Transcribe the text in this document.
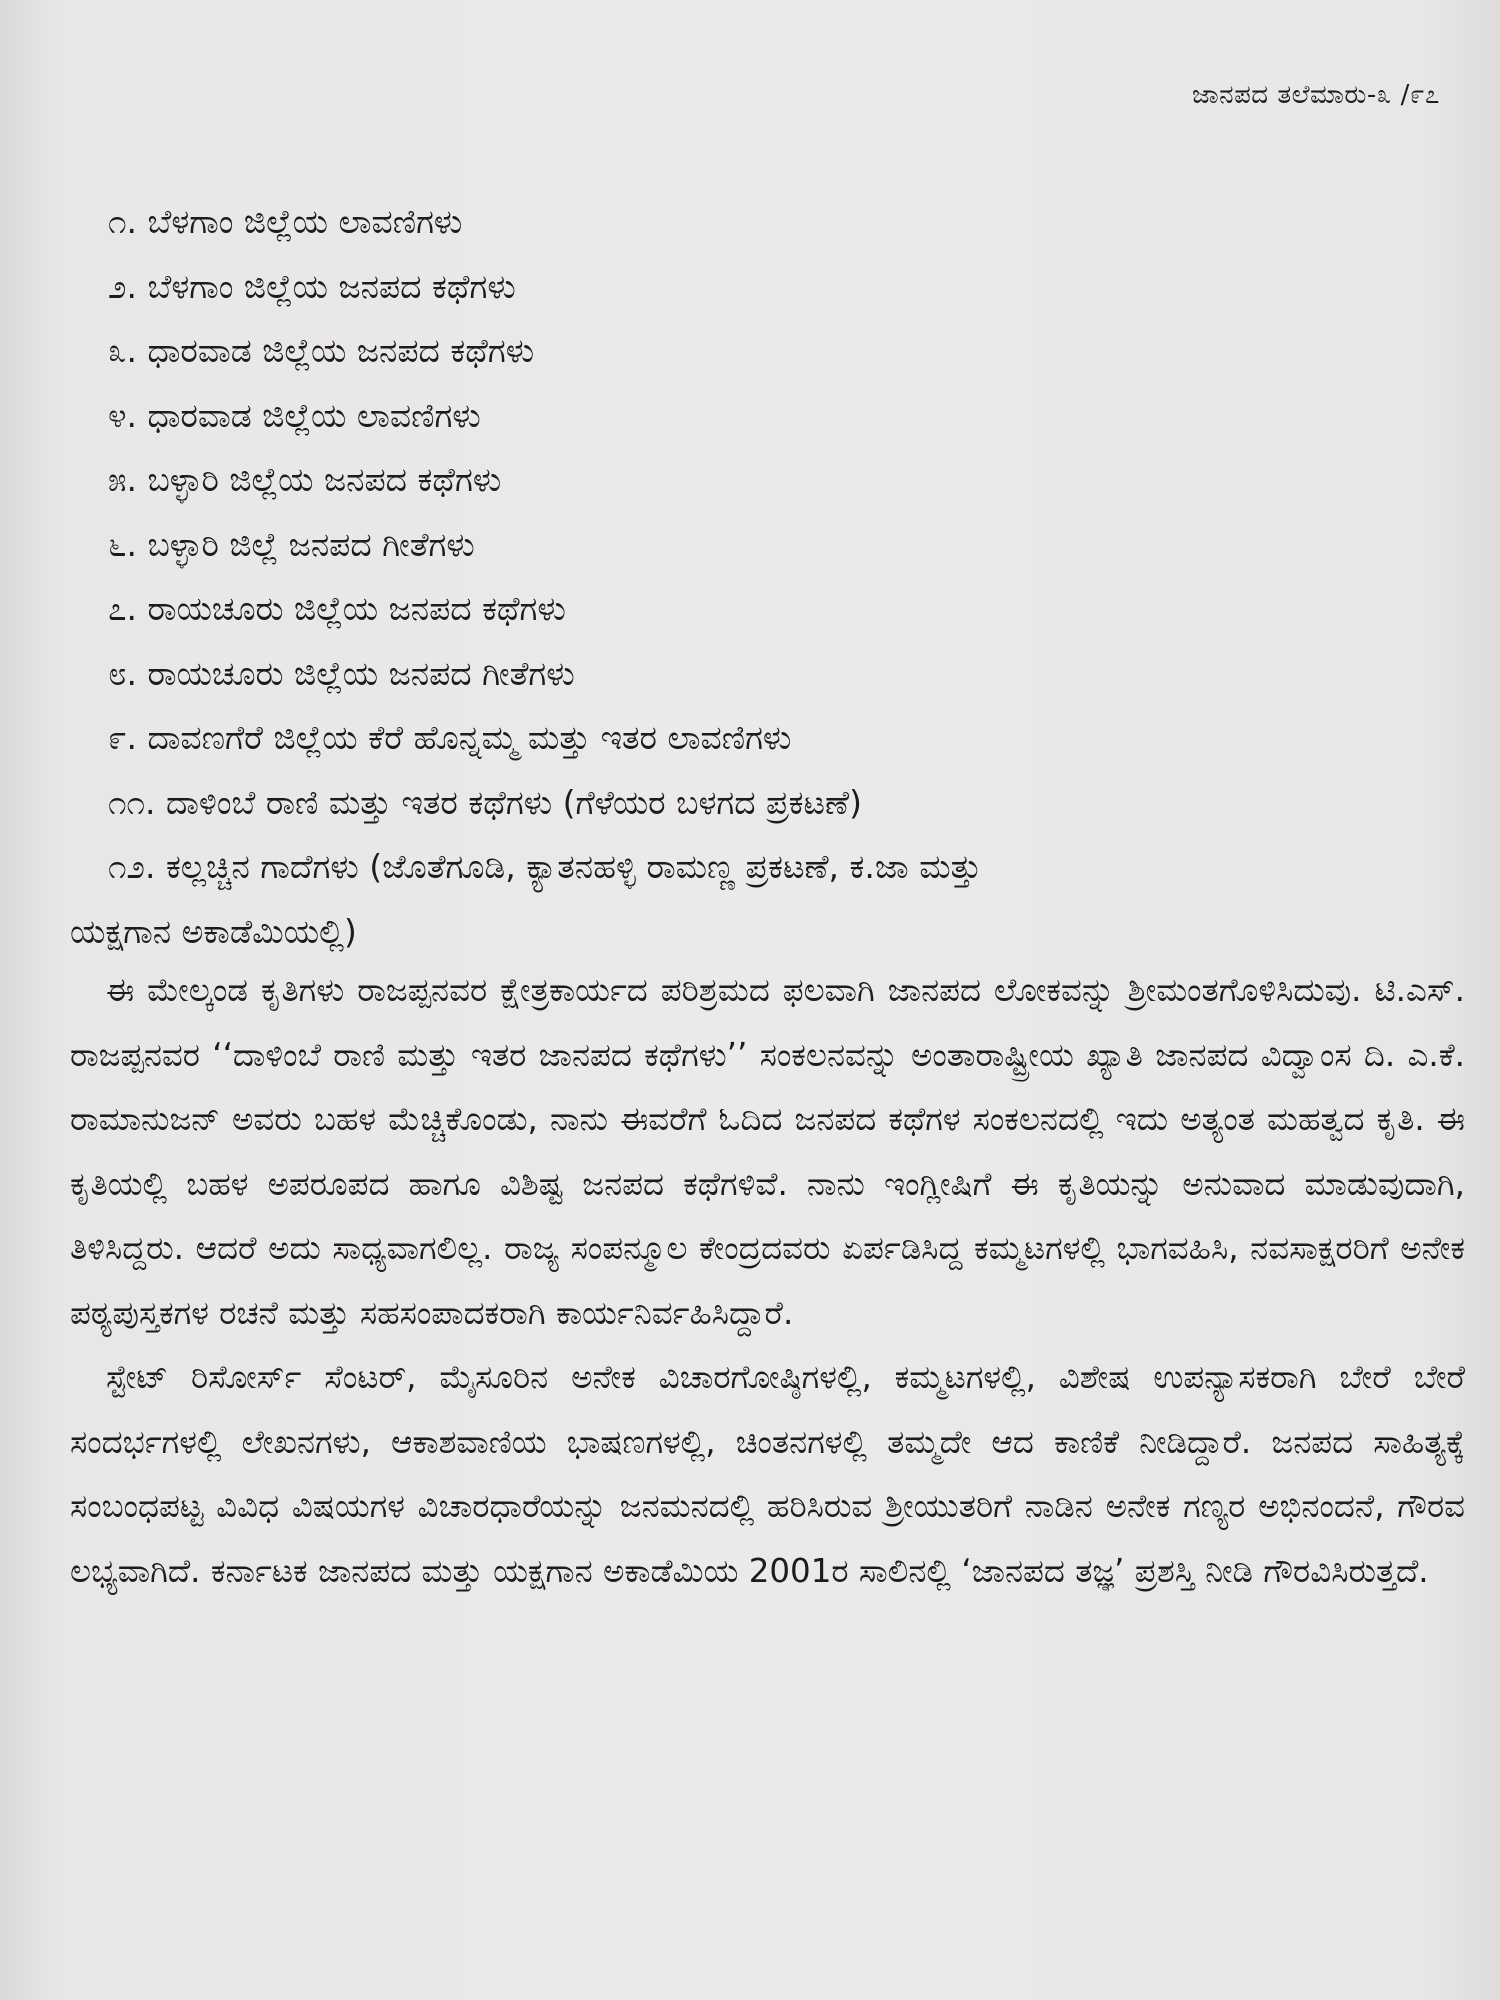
ಜಾನಪದ ತಲೆಮಾರು-೩ /೯೭
೧. ಬೆಳಗಾಂ ಜಿಲ್ಲೆಯ ಲಾವಣಿಗಳು
೨. ಬೆಳಗಾಂ ಜಿಲ್ಲೆಯ ಜನಪದ ಕಥೆಗಳು
೩. ಧಾರವಾಡ ಜಿಲ್ಲೆಯ ಜನಪದ ಕಥೆಗಳು
೪. ಧಾರವಾಡ ಜಿಲ್ಲೆಯ ಲಾವಣಿಗಳು
೫. ಬಳ್ಳಾರಿ ಜಿಲ್ಲೆಯ ಜನಪದ ಕಥೆಗಳು
೬. ಬಳ್ಳಾರಿ ಜಿಲ್ಲೆ ಜನಪದ ಗೀತೆಗಳು
೭. ರಾಯಚೂರು ಜಿಲ್ಲೆಯ ಜನಪದ ಕಥೆಗಳು
೮. ರಾಯಚೂರು ಜಿಲ್ಲೆಯ ಜನಪದ ಗೀತೆಗಳು
೯. ದಾವಣಗೆರೆ ಜಿಲ್ಲೆಯ ಕೆರೆ ಹೊನ್ನಮ್ಮ ಮತ್ತು ಇತರ ಲಾವಣಿಗಳು
೧೧. ದಾಳಿಂಬೆ ರಾಣಿ ಮತ್ತು ಇತರ ಕಥೆಗಳು (ಗೆಳೆಯರ ಬಳಗದ ಪ್ರಕಟಣೆ)
೧೨. ಕಲ್ಲಚ್ಚಿನ ಗಾದೆಗಳು (ಜೊತೆಗೂಡಿ, ಕ್ಯಾತನಹಳ್ಳಿ ರಾಮಣ್ಣ ಪ್ರಕಟಣೆ, ಕ.ಜಾ ಮತ್ತು
ಯಕ್ಷಗಾನ ಅಕಾಡೆಮಿಯಲ್ಲಿ)

ಈ ಮೇಲ್ಕಂಡ ಕೃತಿಗಳು ರಾಜಪ್ಪನವರ ಕ್ಷೇತ್ರಕಾರ್ಯದ ಪರಿಶ್ರಮದ ಫಲವಾಗಿ ಜಾನಪದ ಲೋಕವನ್ನು ಶ್ರೀಮಂತಗೊಳಿಸಿದುವು. ಟಿ.ಎಸ್. ರಾಜಪ್ಪನವರ ‘‘ದಾಳಿಂಬೆ ರಾಣಿ ಮತ್ತು ಇತರ ಜಾನಪದ ಕಥೆಗಳು’’ ಸಂಕಲನವನ್ನು ಅಂತಾರಾಷ್ಟ್ರೀಯ ಖ್ಯಾತಿ ಜಾನಪದ ವಿದ್ವಾಂಸ ದಿ. ಎ.ಕೆ. ರಾಮಾನುಜನ್ ಅವರು ಬಹಳ ಮೆಚ್ಚಿಕೊಂಡು, ನಾನು ಈವರೆಗೆ ಓದಿದ ಜನಪದ ಕಥೆಗಳ ಸಂಕಲನದಲ್ಲಿ ಇದು ಅತ್ಯಂತ ಮಹತ್ವದ ಕೃತಿ. ಈ ಕೃತಿಯಲ್ಲಿ ಬಹಳ ಅಪರೂಪದ ಹಾಗೂ ವಿಶಿಷ್ಟ ಜನಪದ ಕಥೆಗಳಿವೆ. ನಾನು ಇಂಗ್ಲೀಷಿಗೆ ಈ ಕೃತಿಯನ್ನು ಅನುವಾದ ಮಾಡುವುದಾಗಿ, ತಿಳಿಸಿದ್ದರು. ಆದರೆ ಅದು ಸಾಧ್ಯವಾಗಲಿಲ್ಲ. ರಾಜ್ಯ ಸಂಪನ್ಮೂಲ ಕೇಂದ್ರದವರು ಏರ್ಪಡಿಸಿದ್ದ ಕಮ್ಮಟಗಳಲ್ಲಿ ಭಾಗವಹಿಸಿ, ನವಸಾಕ್ಷರರಿಗೆ ಅನೇಕ ಪಠ್ಯಪುಸ್ತಕಗಳ ರಚನೆ ಮತ್ತು ಸಹಸಂಪಾದಕರಾಗಿ ಕಾರ್ಯನಿರ್ವಹಿಸಿದ್ದಾರೆ.

ಸ್ಟೇಟ್ ರಿಸೋರ್ಸ್ ಸೆಂಟರ್, ಮೈಸೂರಿನ ಅನೇಕ ವಿಚಾರಗೋಷ್ಠಿಗಳಲ್ಲಿ, ಕಮ್ಮಟಗಳಲ್ಲಿ, ವಿಶೇಷ ಉಪನ್ಯಾಸಕರಾಗಿ ಬೇರೆ ಬೇರೆ ಸಂದರ್ಭಗಳಲ್ಲಿ ಲೇಖನಗಳು, ಆಕಾಶವಾಣಿಯ ಭಾಷಣಗಳಲ್ಲಿ, ಚಿಂತನಗಳಲ್ಲಿ ತಮ್ಮದೇ ಆದ ಕಾಣಿಕೆ ನೀಡಿದ್ದಾರೆ. ಜನಪದ ಸಾಹಿತ್ಯಕ್ಕೆ ಸಂಬಂಧಪಟ್ಟ ವಿವಿಧ ವಿಷಯಗಳ ವಿಚಾರಧಾರೆಯನ್ನು ಜನಮನದಲ್ಲಿ ಹರಿಸಿರುವ ಶ್ರೀಯುತರಿಗೆ ನಾಡಿನ ಅನೇಕ ಗಣ್ಯರ ಅಭಿನಂದನೆ, ಗೌರವ ಲಭ್ಯವಾಗಿದೆ. ಕರ್ನಾಟಕ ಜಾನಪದ ಮತ್ತು ಯಕ್ಷಗಾನ ಅಕಾಡೆಮಿಯ 2001ರ ಸಾಲಿನಲ್ಲಿ ‘ಜಾನಪದ ತಜ್ಞ’ ಪ್ರಶಸ್ತಿ ನೀಡಿ ಗೌರವಿಸಿರುತ್ತದೆ.
